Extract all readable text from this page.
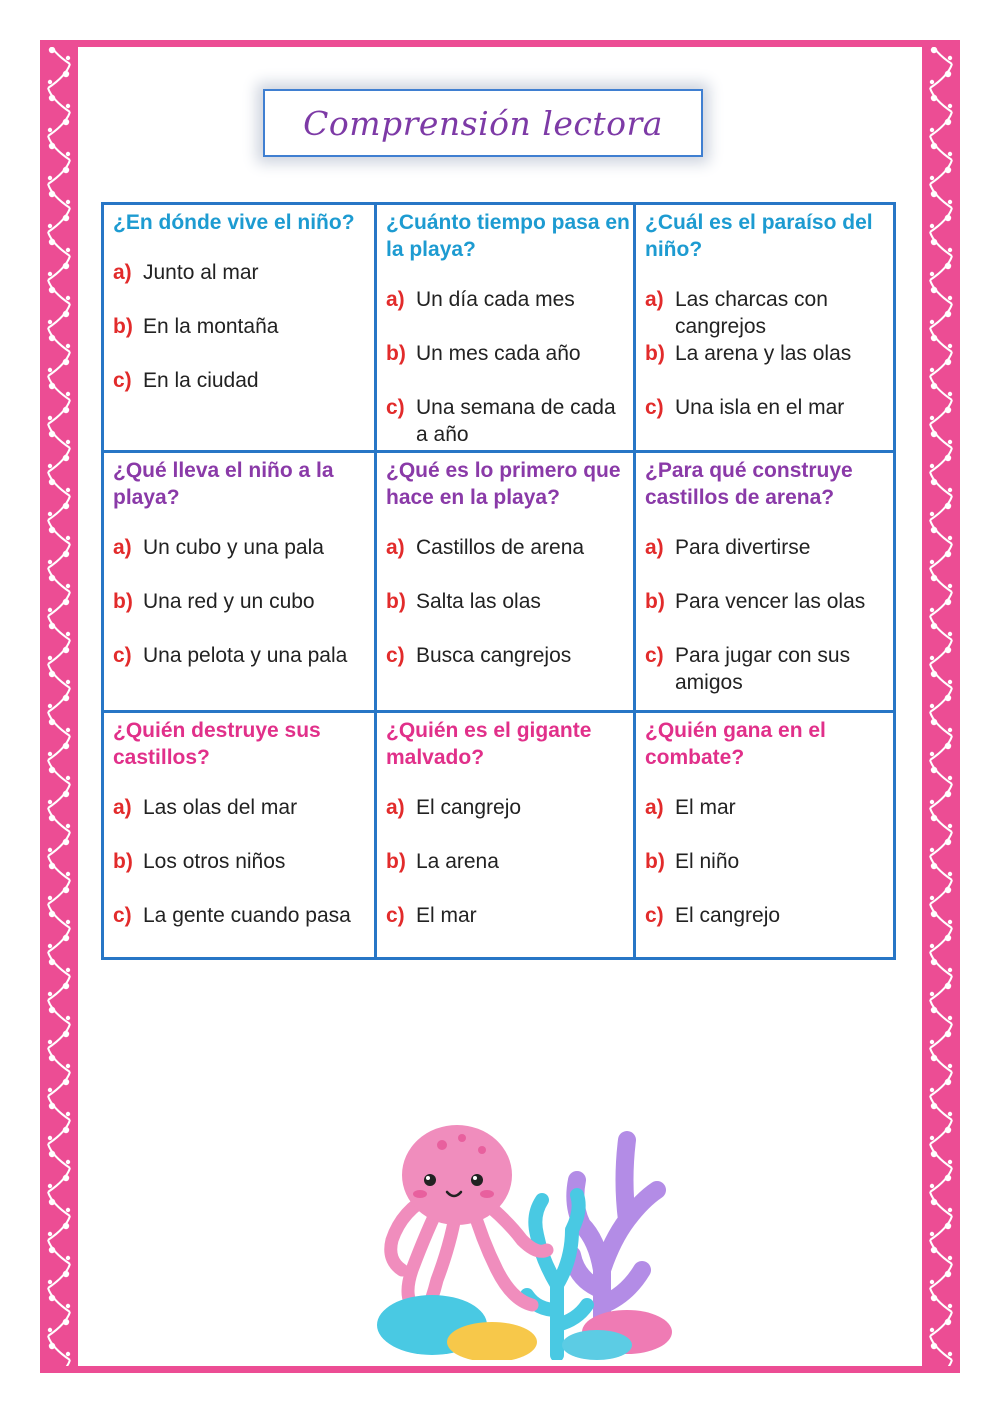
Comprensión lectora
¿En dónde vive el niño?
a) Junto al mar
b) En la montaña
c) En la ciudad
¿Cuánto tiempo pasa en la playa?
a) Un día cada mes
b) Un mes cada año
c) Una semana de cada a año
¿Cuál es el paraíso del niño?
a) Las charcas con cangrejos
b) La arena y las olas
c) Una isla en el mar
¿Qué lleva el niño a la playa?
a) Un cubo y una pala
b) Una red y un cubo
c) Una pelota y una pala
¿Qué es lo primero que hace en la playa?
a) Castillos de arena
b) Salta las olas
c) Busca cangrejos
¿Para qué construye castillos de arena?
a) Para divertirse
b) Para vencer las olas
c) Para jugar con sus amigos
¿Quién destruye sus castillos?
a) Las olas del mar
b) Los otros niños
c) La gente cuando pasa
¿Quién es el gigante malvado?
a) El cangrejo
b) La arena
c) El mar
¿Quién gana en el combate?
a) El mar
b) El niño
c) El cangrejo
